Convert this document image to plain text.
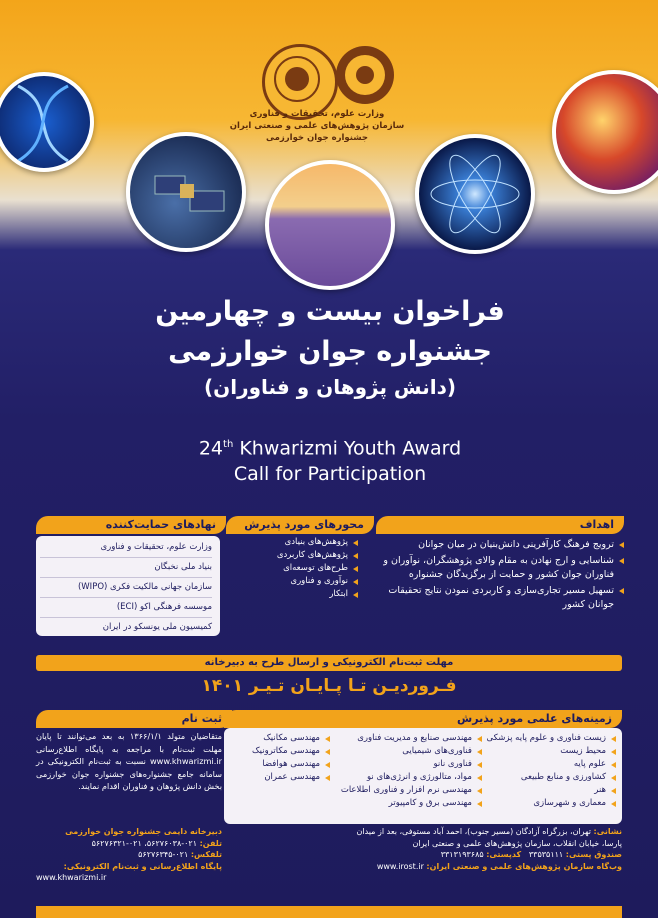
وزارت علوم، تحقیقات و فناوری
سازمان پژوهش‌های علمی و صنعتی ایران
جشنواره جوان خوارزمی
فراخوان بیست و چهارمین
جشنواره جوان خوارزمی
(دانش پژوهان و فناوران)
24th Khwarizmi Youth Award
Call for Participation
نهادهای حمایت‌کننده
وزارت علوم، تحقیقات و فناوری
بنیاد ملی نخبگان
سازمان جهانی مالکیت فکری (WIPO)
موسسه فرهنگی اکو (ECI)
کمیسیون ملی یونسکو در ایران
محورهای مورد پذیرش
پژوهش‌های بنیادی
پژوهش‌های کاربردی
طرح‌های توسعه‌ای
نوآوری و فناوری
ابتکار
اهداف
ترویج فرهنگ کارآفرینی دانش‌بنیان در میان جوانان
شناسایی و ارج نهادن به مقام والای پژوهشگران، نوآوران و فناوران جوان کشور و حمایت از برگزیدگان جشنواره
تسهیل مسیر تجاری‌سازی و کاربردی نمودن نتایج تحقیقات جوانان کشور
مهلت ثبت‌نام الکترونیکی و ارسال طرح به دبیرخانه
فـروردیـن تـا پـایـان تـیـر ۱۴۰۱
ثبت نام
متقاضیان متولد ۱۳۶۶/۱/۱ به بعد می‌توانند تا پایان مهلت ثبت‌نام با مراجعه به پایگاه اطلاع‌رسانی www.khwarizmi.ir نسبت به ثبت‌نام الکترونیکی در سامانه جامع جشنواره‌های جشنواره جوان خوارزمی بخش دانش پژوهان و فناوران اقدام نمایند.
زمینه‌های علمی مورد پذیرش
زیست فناوری و علوم پایه پزشکی
محیط زیست
علوم پایه
کشاورزی و منابع طبیعی
هنر
معماری و شهرسازی
مهندسی صنایع و مدیریت فناوری
فناوری‌های شیمیایی
فناوری نانو
مواد، متالورژی و انرژی‌های نو
مهندسی نرم افزار و فناوری اطلاعات
مهندسی برق و کامپیوتر
مهندسی مکانیک
مهندسی مکاترونیک
مهندسی هوافضا
مهندسی عمران
نشانی: تهران، بزرگراه آزادگان (مسیر جنوب)، احمد آباد مستوفی، بعد از میدان پارسا، خیابان انقلاب، سازمان پژوهش‌های علمی و صنعتی ایران
صندوق پستی: ۳۳۵۳۵۱۱۱   کدپستی: ۳۳۱۳۱۹۳۶۸۵
وب‌گاه سازمان پژوهش‌های علمی و صنعتی ایران: www.irost.ir
دبیرخانه دایمی جشنواره جوان خوارزمی
تلفن: ۰۲۱-۵۶۲۷۶۰۳۸، ۰۲۱-۵۶۲۷۶۳۲۱
تلفکس: ۰۲۱-۵۶۲۷۶۳۴۵
پایگاه اطلاع‌رسانی و ثبت‌نام الکترونیکی:
www.khwarizmi.ir
